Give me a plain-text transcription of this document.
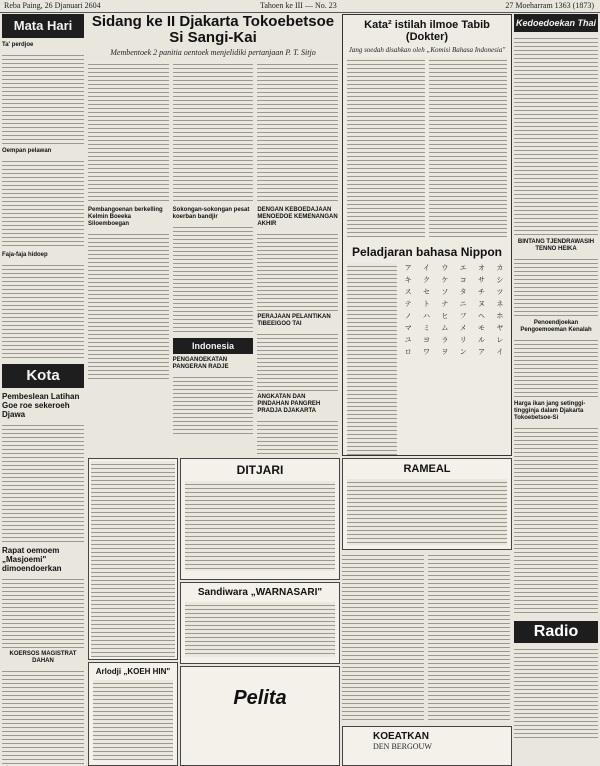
Reba Paing, 26 Djanuari 2604	Tahoen ke III — No. 23	27 Moeharram 1363 (1873)
Mata Hari
Ta' perdjoe
Oempan pelawan
Faja-faja hidoep
Kota
Pembeslean Latihan Goe roe sekeroeh Djawa
Rapat oemoem „Masjoemi" dimoendoerkan
KOERSOS MAGISTRAT DAHAN
Sidang ke II Djakarta Tokoebetsoe Si Sangi-Kai
Membentoek 2 panitia oentoek menjelidiki pertanjaan P. T. Sitjo
Pembangoenan berkelling Kelmin Boeeka Siloemboegan
Sokongan-sokongan pesat koerban bandjir
Indonesia
PENGANOEKATAN PANGERAN RADJE
DENGAN KEBOEDAJAAN MENOEDOE KEMENANGAN AKHIR
PERAJAAN PELANTIKAN TIBEEIGOO TAI
ANGKATAN DAN PINDAHAN PANGREH PRADJA DJAKARTA
Kata² istilah ilmoe Tabib (Dokter)
Jang soedah disahkan oleh „Komisi Bahasa Indonesia"
Peladjaran bahasa Nippon
ア	イ	ウ	エ	オ	カ
キ	ク	ケ	コ	サ	シ
ス	セ	ソ	タ	チ	ツ
テ	ト	ナ	ニ	ヌ	ネ
ノ	ハ	ヒ	フ	ヘ	ホ
マ	ミ	ム	メ	モ	ヤ
ユ	ヨ	ラ	リ	ル	レ
ロ	ワ	ヲ	ン	ア	イ
Kedoedoekan Thai
BINTANG TJENDRAWASIH TENNO HEIKA
Penoendjoekan Pengoemoeman Kenalah
Harga ikan jang setinggi-tingginja dalam Djakarta Tokoebetsoe-Si
Radio
DITJARI
Sandiwara „WARNASARI"
Pelita
Arlodji „KOEH HIN"
RAMEAL
KOEATKAN
DEN BERGOUW
